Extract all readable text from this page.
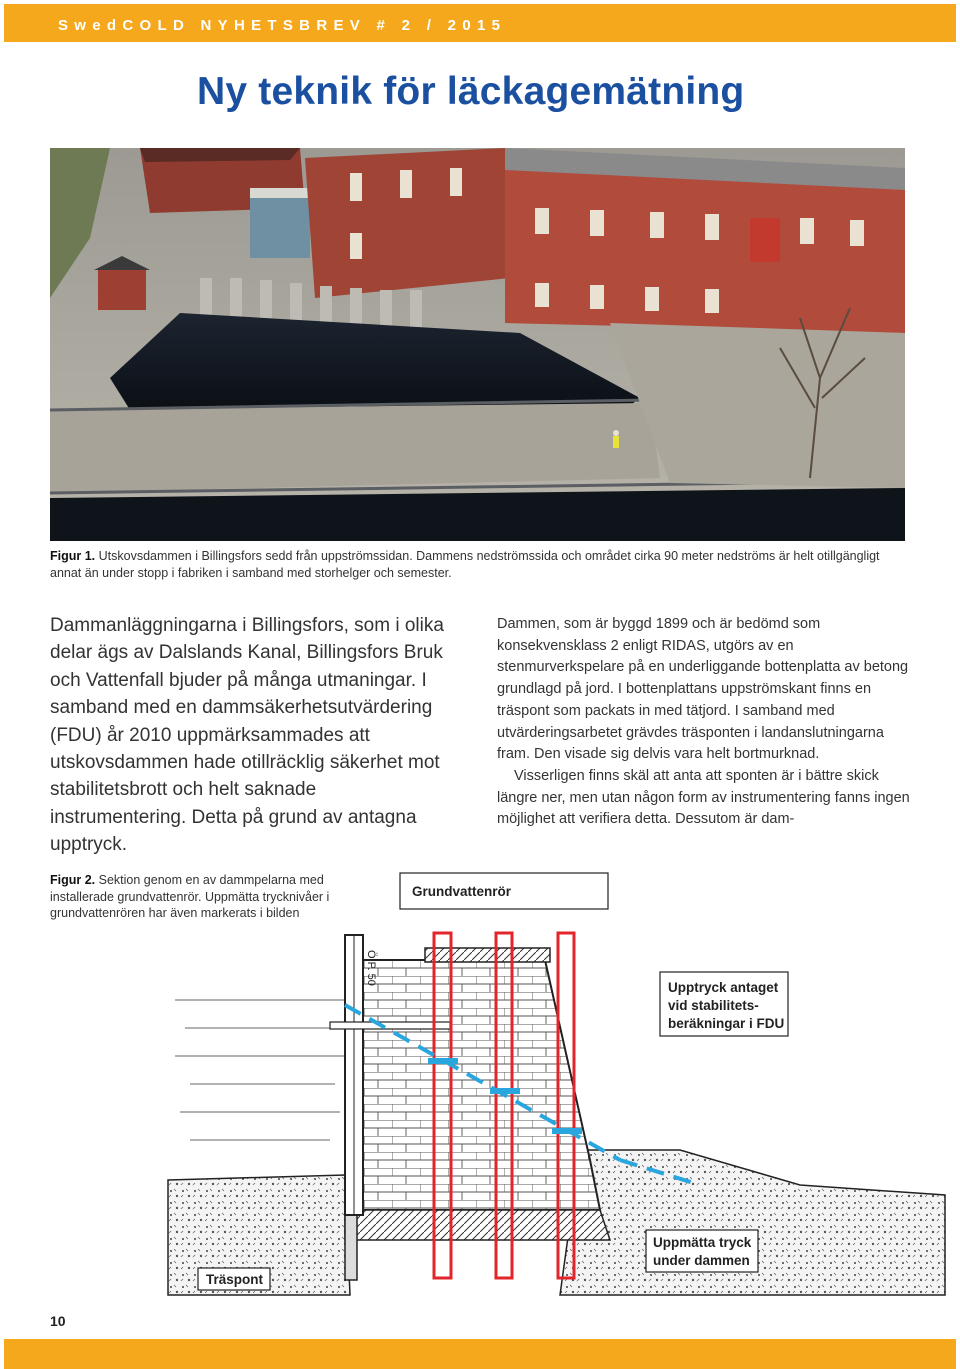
SwedCOLD NYHETSBREV # 2 / 2015
Ny teknik för läckagemätning
Figur 1. Utskovsdammen i Billingsfors sedd från uppströmssidan. Dammens nedströmssida och området cirka 90 meter nedströms är helt otillgängligt annat än under stopp i fabriken i samband med storhelger och semester.

Dammanläggningarna i Billingsfors, som i olika delar ägs av Dalslands Kanal, Billingsfors Bruk och Vattenfall bjuder på många utmaningar. I samband med en dammsäkerhetsutvärdering (FDU) år 2010 uppmärksammades att utskovsdammen hade otillräcklig säkerhet mot stabilitetsbrott och helt saknade instrumentering. Detta på grund av antagna upptryck.

Dammen, som är byggd 1899 och är bedömd som konsekvensklass 2 enligt RIDAS, utgörs av en stenmurverkspelare på en underliggande bottenplatta av betong grundlagd på jord. I bottenplattans uppströmskant finns en träspont som packats in med tätjord. I samband med utvärderingsarbetet grävdes träsponten i landanslutningarna fram. Den visade sig delvis vara helt bortmurknad.

Visserligen finns skäl att anta att sponten är i bättre skick längre ner, men utan någon form av instrumentering fanns ingen möjlighet att verifiera detta. Dessutom är dam-

Figur 2. Sektion genom en av dammpelarna med installerade grundvattenrör. Uppmätta trycknivåer i grundvattenrören har även markerats i bilden
Ö.P. 50
Grundvattenrör
Upptryck antaget
vid stabilitets-
beräkningar i FDU
Uppmätta tryck
under dammen
Träspont
10
